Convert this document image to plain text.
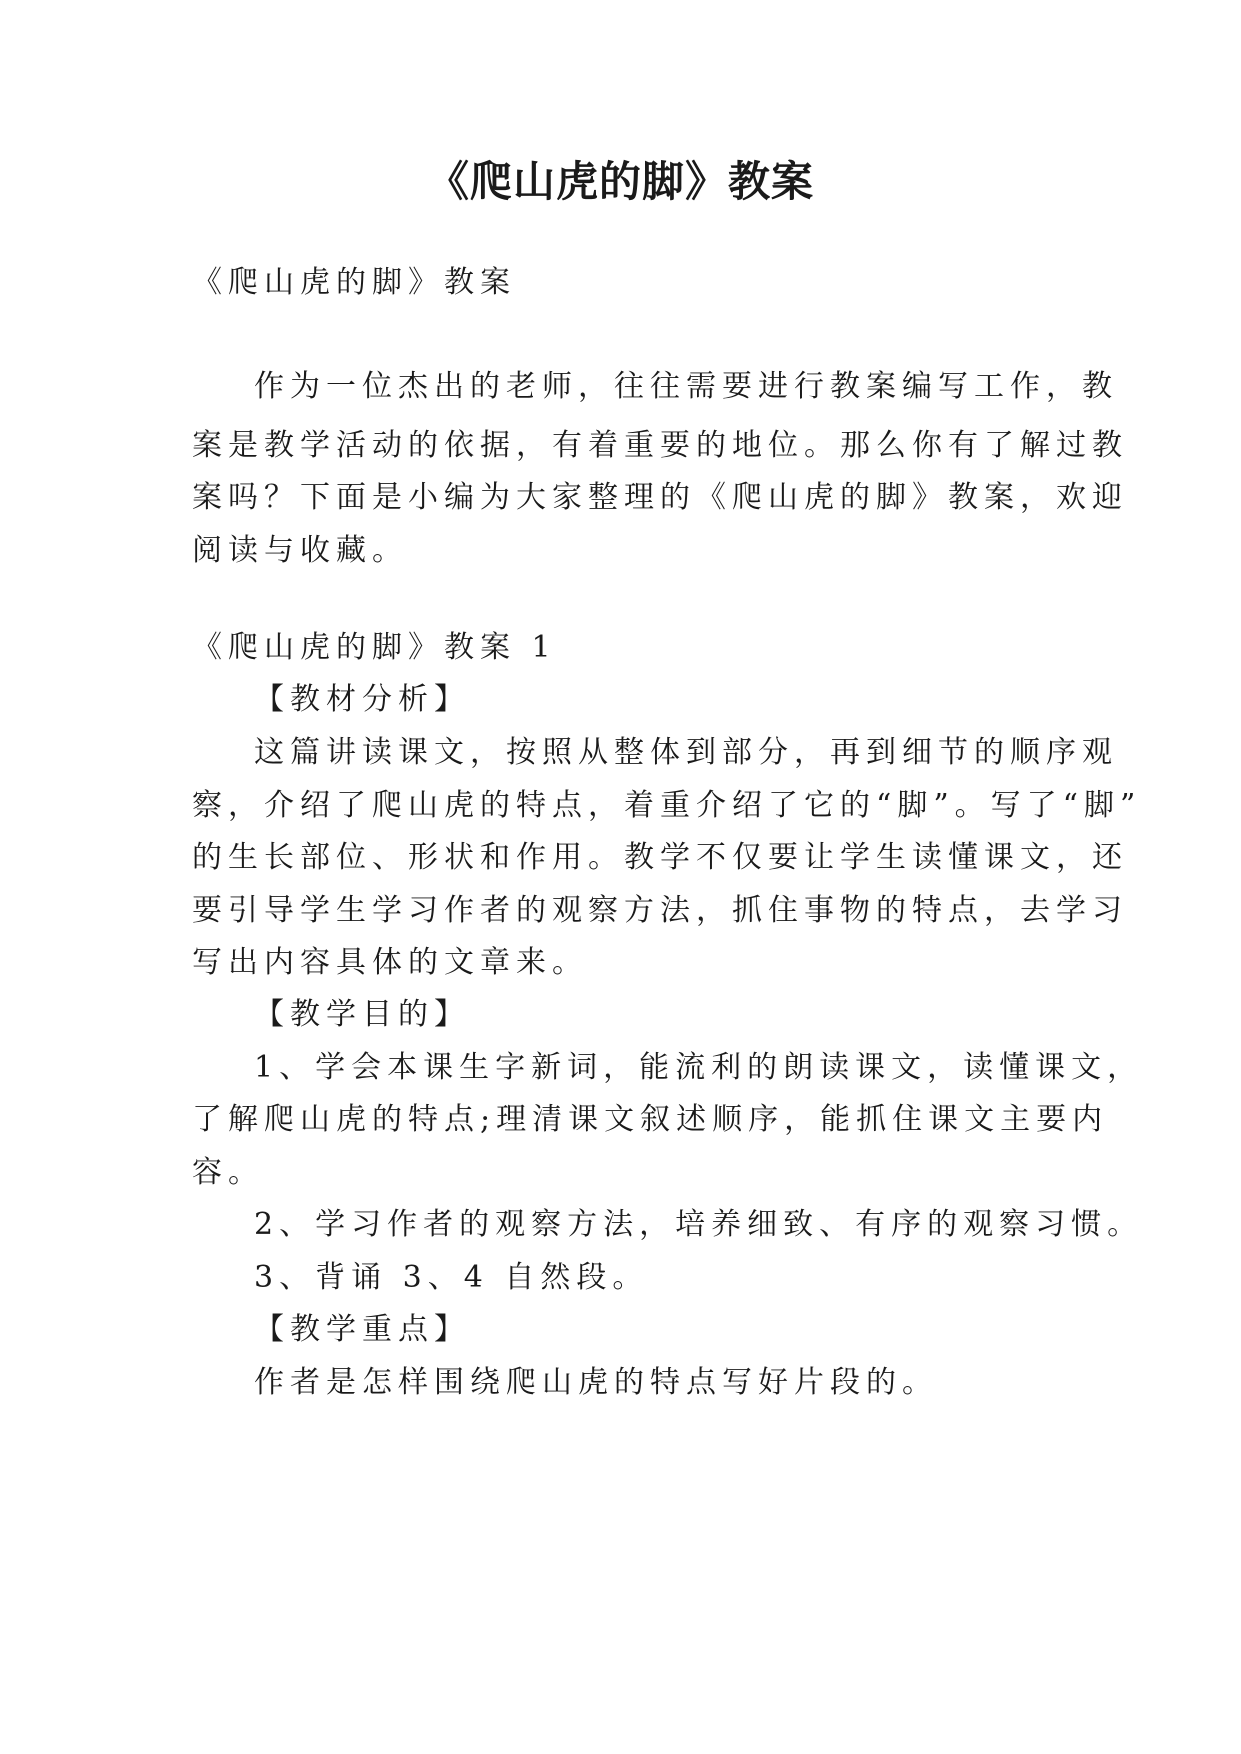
《爬山虎的脚》教案

《爬山虎的脚》教案

作为一位杰出的老师，往往需要进行教案编写工作，教

案是教学活动的依据，有着重要的地位。那么你有了解过教

案吗？下面是小编为大家整理的《爬山虎的脚》教案，欢迎

阅读与收藏。

《爬山虎的脚》教案 1

【教材分析】

这篇讲读课文，按照从整体到部分，再到细节的顺序观

察，介绍了爬山虎的特点，着重介绍了它的“脚”。写了“脚”

的生长部位、形状和作用。教学不仅要让学生读懂课文，还

要引导学生学习作者的观察方法，抓住事物的特点，去学习

写出内容具体的文章来。

【教学目的】

1、学会本课生字新词，能流利的朗读课文，读懂课文，

了解爬山虎的特点;理清课文叙述顺序，能抓住课文主要内

容。

2、学习作者的观察方法，培养细致、有序的观察习惯。

3、背诵 3、4 自然段。

【教学重点】

作者是怎样围绕爬山虎的特点写好片段的。
